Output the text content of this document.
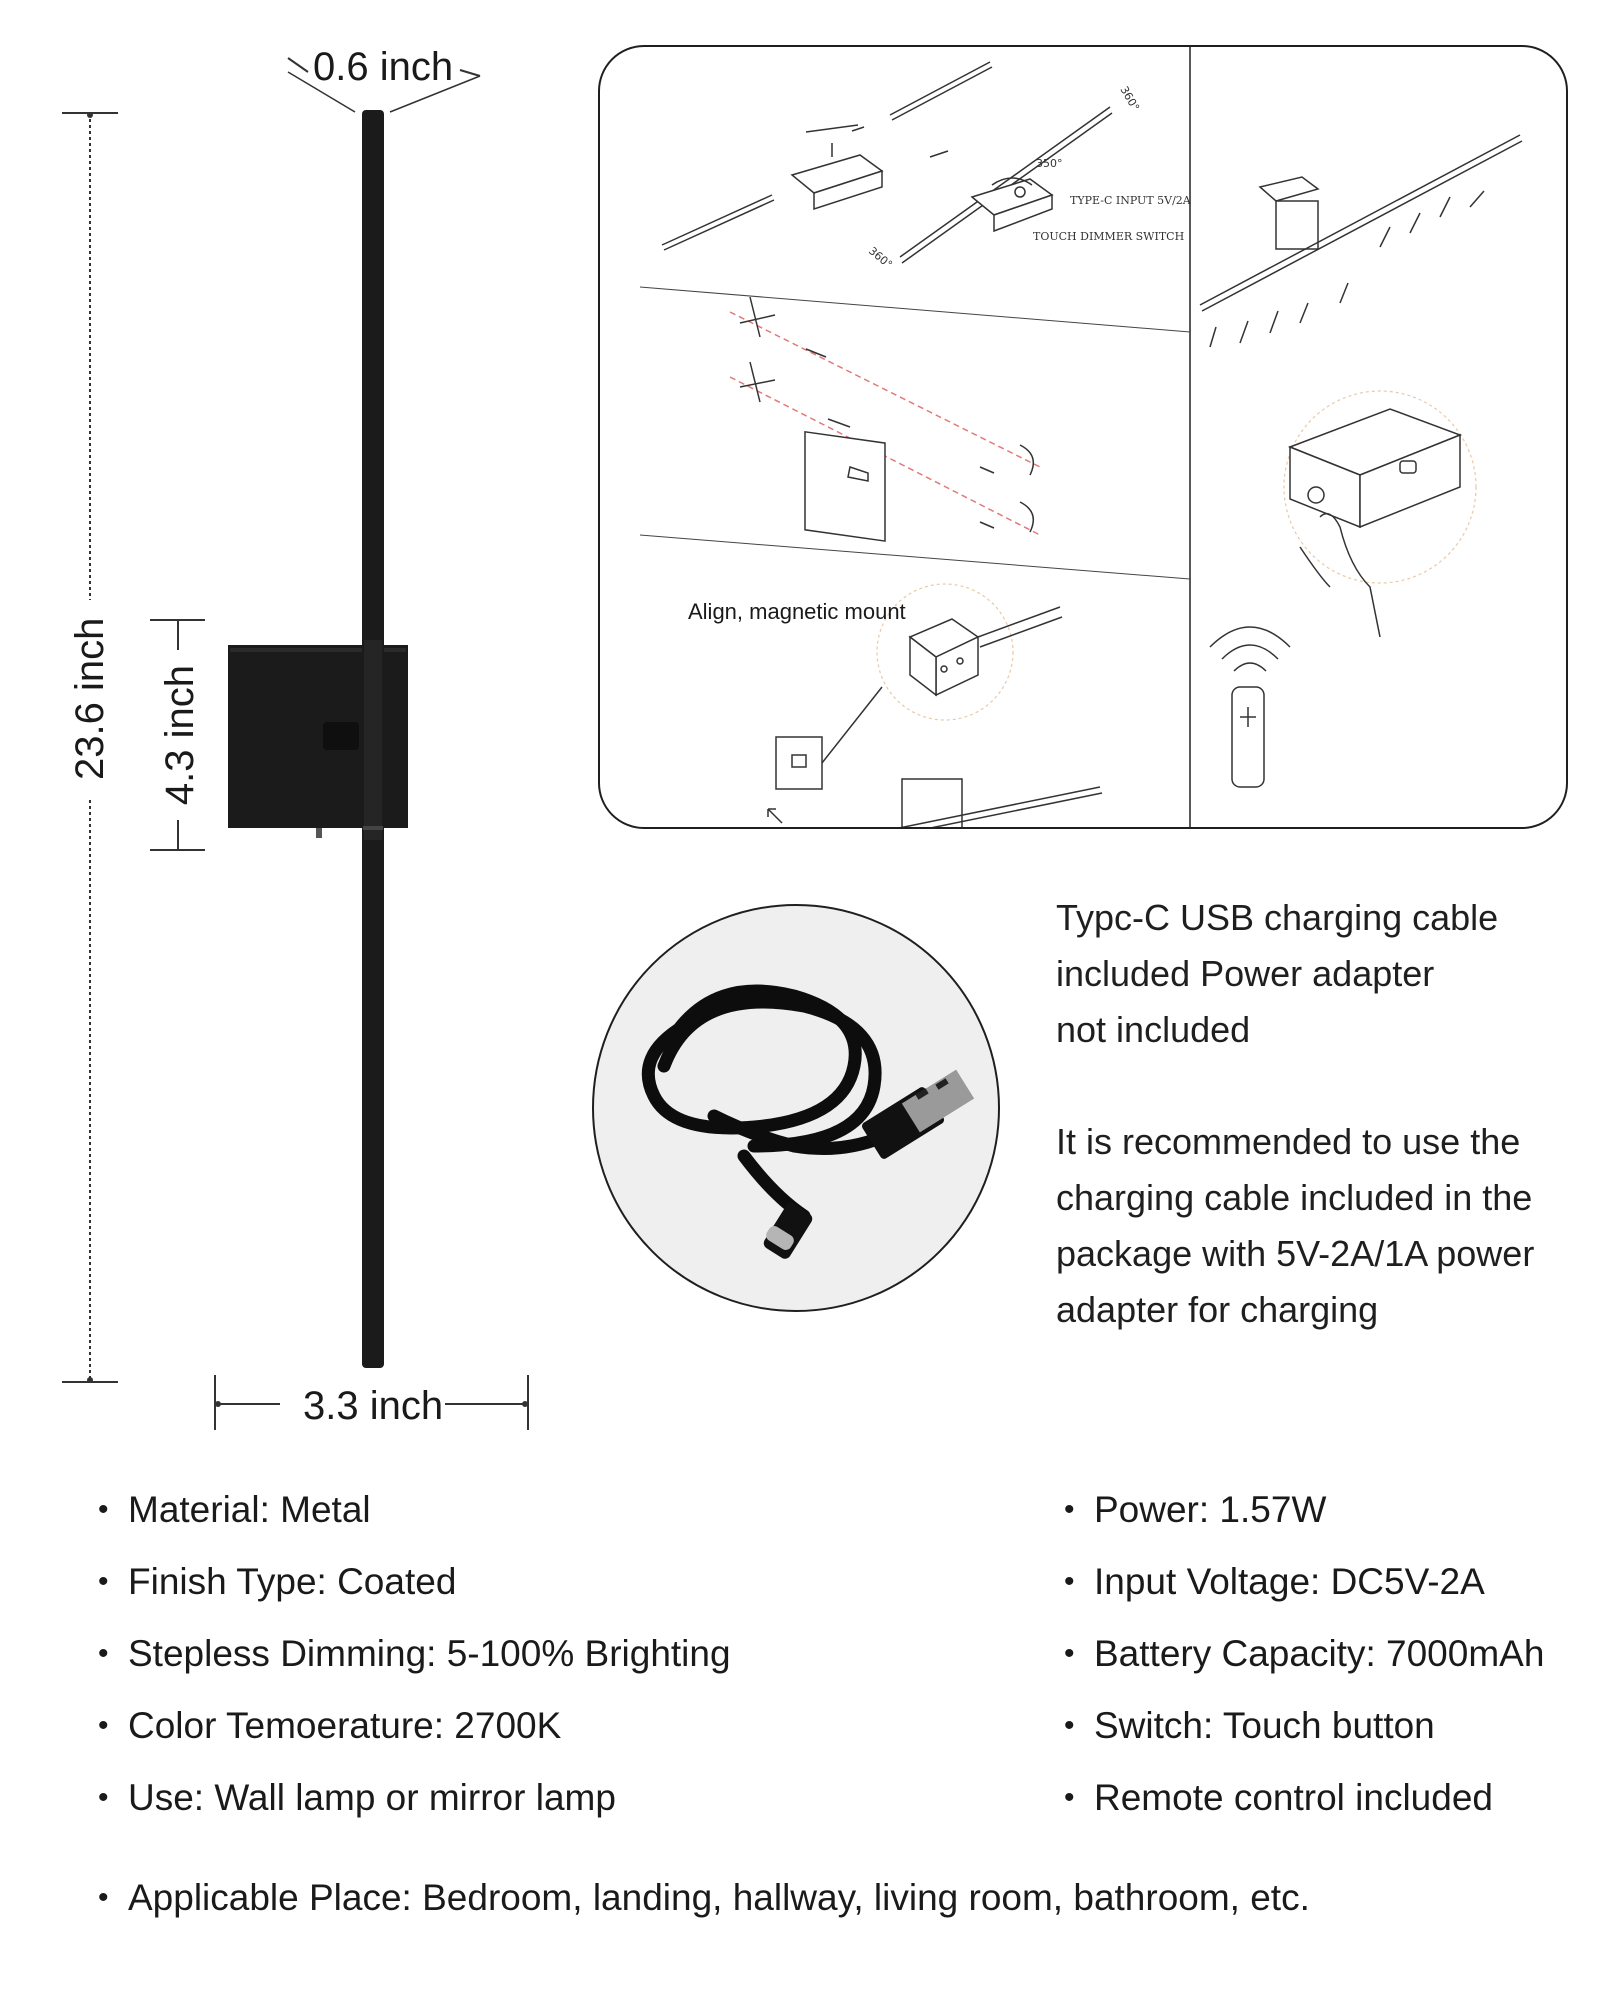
0.6 inch
23.6 inch 4.3 inch
3.3 inch
TYPE-C INPUT 5V/2A
TOUCH DIMMER SWITCH
350°
360°
360°
Align, magnetic mount
Typc-C USB charging cable
included Power adapter
not included
It is recommended to use the
charging cable included in the
package with 5V-2A/1A power
adapter for charging
• Material: Metal
• Finish Type: Coated
• Stepless Dimming: 5-100% Brighting
• Color Temoerature: 2700K
• Use: Wall lamp or mirror lamp
• Power: 1.57W
• Input Voltage: DC5V-2A
• Battery Capacity: 7000mAh
• Switch: Touch button
• Remote control included
• Applicable Place: Bedroom, landing, hallway, living room, bathroom, etc.
